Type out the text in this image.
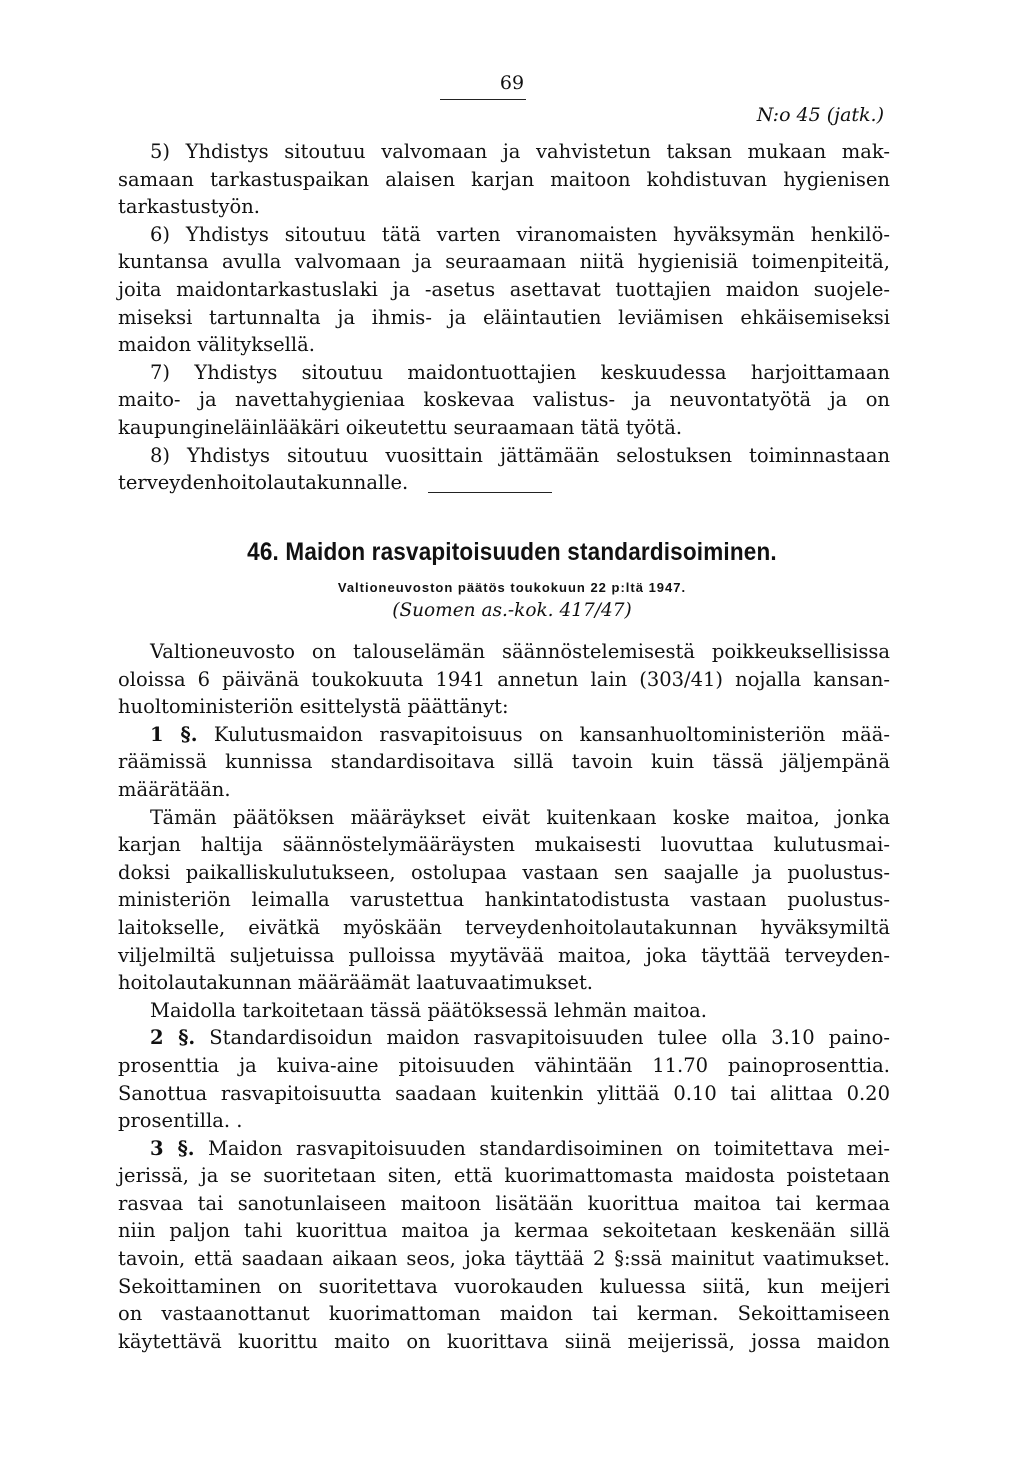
69
N:o 45 (jatk.)
5) Yhdistys sitoutuu valvomaan ja vahvistetun taksan mukaan mak-
samaan tarkastuspaikan alaisen karjan maitoon kohdistuvan hygienisen
tarkastustyön.
6) Yhdistys sitoutuu tätä varten viranomaisten hyväksymän henkilö-
kuntansa avulla valvomaan ja seuraamaan niitä hygienisiä toimenpiteitä,
joita maidontarkastuslaki ja -asetus asettavat tuottajien maidon suojele-
miseksi tartunnalta ja ihmis- ja eläintautien leviämisen ehkäisemiseksi
maidon välityksellä.
7) Yhdistys sitoutuu maidontuottajien keskuudessa harjoittamaan
maito- ja navettahygieniaa koskevaa valistus- ja neuvontatyötä ja on
kaupungineläinlääkäri oikeutettu seuraamaan tätä työtä.
8) Yhdistys sitoutuu vuosittain jättämään selostuksen toiminnastaan
terveydenhoitolautakunnalle.
46. Maidon rasvapitoisuuden standardisoiminen.
Valtioneuvoston päätös toukokuun 22 p:ltä 1947.
(Suomen as.-kok. 417/47)
Valtioneuvosto on talouselämän säännöstelemisestä poikkeuksellisissa
oloissa 6 päivänä toukokuuta 1941 annetun lain (303/41) nojalla kansan-
huoltoministeriön esittelystä päättänyt:
1 §. Kulutusmaidon rasvapitoisuus on kansanhuoltoministeriön mää-
räämissä kunnissa standardisoitava sillä tavoin kuin tässä jäljempänä
määrätään.
Tämän päätöksen määräykset eivät kuitenkaan koske maitoa, jonka
karjan haltija säännöstelymääräysten mukaisesti luovuttaa kulutusmai-
doksi paikalliskulutukseen, ostolupaa vastaan sen saajalle ja puolustus-
ministeriön leimalla varustettua hankintatodistusta vastaan puolustus-
laitokselle, eivätkä myöskään terveydenhoitolautakunnan hyväksymiltä
viljelmiltä suljetuissa pulloissa myytävää maitoa, joka täyttää terveyden-
hoitolautakunnan määräämät laatuvaatimukset.
Maidolla tarkoitetaan tässä päätöksessä lehmän maitoa.
2 §. Standardisoidun maidon rasvapitoisuuden tulee olla 3.10 paino-
prosenttia ja kuiva-aine pitoisuuden vähintään 11.70 painoprosenttia.
Sanottua rasvapitoisuutta saadaan kuitenkin ylittää 0.10 tai alittaa 0.20
prosentilla. .
3 §. Maidon rasvapitoisuuden standardisoiminen on toimitettava mei-
jerissä, ja se suoritetaan siten, että kuorimattomasta maidosta poistetaan
rasvaa tai sanotunlaiseen maitoon lisätään kuorittua maitoa tai kermaa
niin paljon tahi kuorittua maitoa ja kermaa sekoitetaan keskenään sillä
tavoin, että saadaan aikaan seos, joka täyttää 2 §:ssä mainitut vaatimukset.
Sekoittaminen on suoritettava vuorokauden kuluessa siitä, kun meijeri
on vastaanottanut kuorimattoman maidon tai kerman. Sekoittamiseen
käytettävä kuorittu maito on kuorittava siinä meijerissä, jossa maidon
